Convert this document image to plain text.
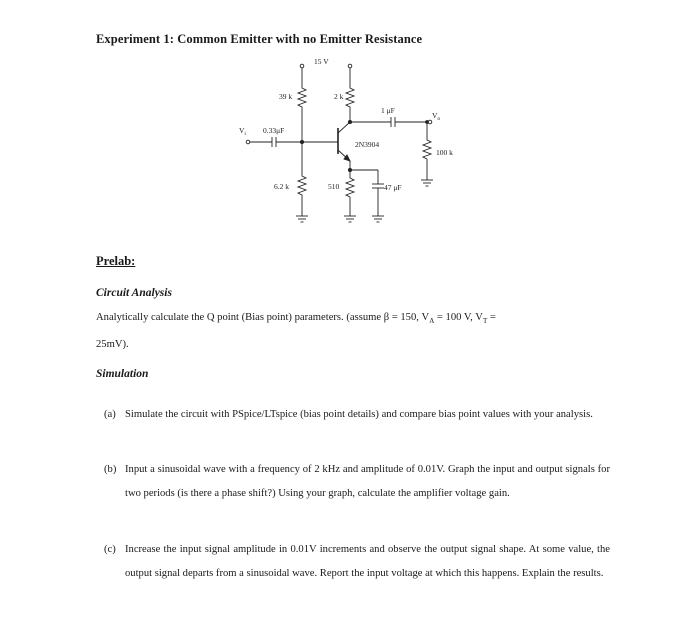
Experiment 1: Common Emitter with no Emitter Resistance
15 V
39 k	2 k
1 μF
$V_o$
$V_i$ 0.33μF
2N3904
100 k
6.2 k	510	47 μF
Prelab:
Circuit Analysis
Analytically calculate the Q point (Bias point) parameters. (assume β = 150, $V_A = 100$ V, $V_T$ =
25mV).
Simulation
(a) Simulate the circuit with PSpice/LTspice (bias point details) and compare bias point values with your analysis.
(b) Input a sinusoidal wave with a frequency of 2 kHz and amplitude of 0.01V. Graph the input and output signals for two periods (is there a phase shift?) Using your graph, calculate the amplifier voltage gain.
(c) Increase the input signal amplitude in 0.01V increments and observe the output signal shape. At some value, the output signal departs from a sinusoidal wave. Report the input voltage at which this happens. Explain the results.
